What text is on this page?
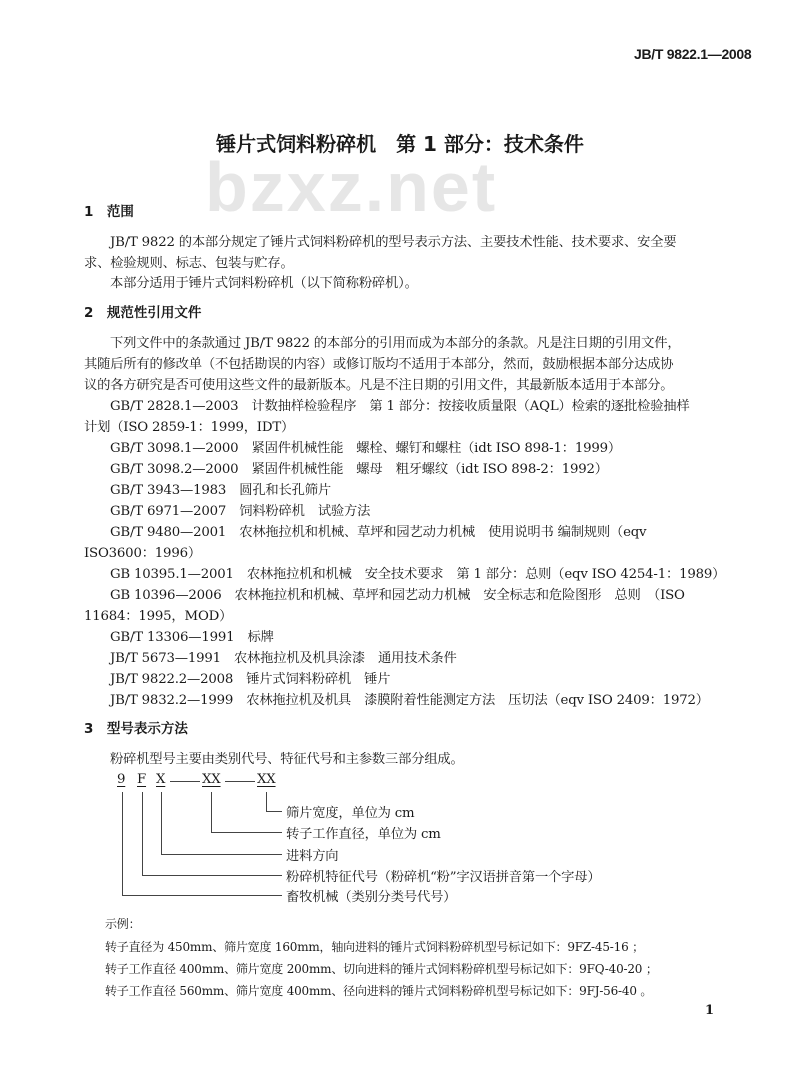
JB/T 9822.1—2008
bzxz.net
锤片式饲料粉碎机　第 1 部分：技术条件
1　范围
JB/T 9822 的本部分规定了锤片式饲料粉碎机的型号表示方法、主要技术性能、技术要求、安全要
求、检验规则、标志、包装与贮存。
本部分适用于锤片式饲料粉碎机（以下简称粉碎机）。
2　规范性引用文件
下列文件中的条款通过 JB/T 9822 的本部分的引用而成为本部分的条款。凡是注日期的引用文件，
其随后所有的修改单（不包括勘误的内容）或修订版均不适用于本部分，然而，鼓励根据本部分达成协
议的各方研究是否可使用这些文件的最新版本。凡是不注日期的引用文件，其最新版本适用于本部分。
GB/T 2828.1—2003　计数抽样检验程序　第 1 部分：按接收质量限（AQL）检索的逐批检验抽样
计划（ISO 2859-1：1999，IDT）
GB/T 3098.1—2000　紧固件机械性能　螺栓、螺钉和螺柱（idt ISO 898-1：1999）
GB/T 3098.2—2000　紧固件机械性能　螺母　粗牙螺纹（idt ISO 898-2：1992）
GB/T 3943—1983　圆孔和长孔筛片
GB/T 6971—2007　饲料粉碎机　试验方法
GB/T 9480—2001　农林拖拉机和机械、草坪和园艺动力机械　使用说明书 编制规则（eqv
ISO3600：1996）
GB 10395.1—2001　农林拖拉机和机械　安全技术要求　第 1 部分：总则（eqv ISO 4254-1：1989）
GB 10396—2006　农林拖拉机和机械、草坪和园艺动力机械　安全标志和危险图形　总则　（ISO
11684：1995，MOD）
GB/T 13306—1991　标牌
JB/T 5673—1991　农林拖拉机及机具涂漆　通用技术条件
JB/T 9822.2—2008　锤片式饲料粉碎机　锤片
JB/T 9832.2—1999　农林拖拉机及机具　漆膜附着性能测定方法　压切法（eqv ISO 2409：1972）
3　型号表示方法
粉碎机型号主要由类别代号、特征代号和主参数三部分组成。
9 F X	XX	XX
筛片宽度，单位为 cm
转子工作直径，单位为 cm
进料方向
粉碎机特征代号（粉碎机“粉”字汉语拼音第一个字母）
畜牧机械（类别分类号代号）
示例：
转子直径为 450mm、筛片宽度 160mm，轴向进料的锤片式饲料粉碎机型号标记如下：9FZ-45-16 ；
转子工作直径 400mm、筛片宽度 200mm、切向进料的锤片式饲料粉碎机型号标记如下：9FQ-40-20 ；
转子工作直径 560mm、筛片宽度 400mm、径向进料的锤片式饲料粉碎机型号标记如下：9FJ-56-40 。
1
